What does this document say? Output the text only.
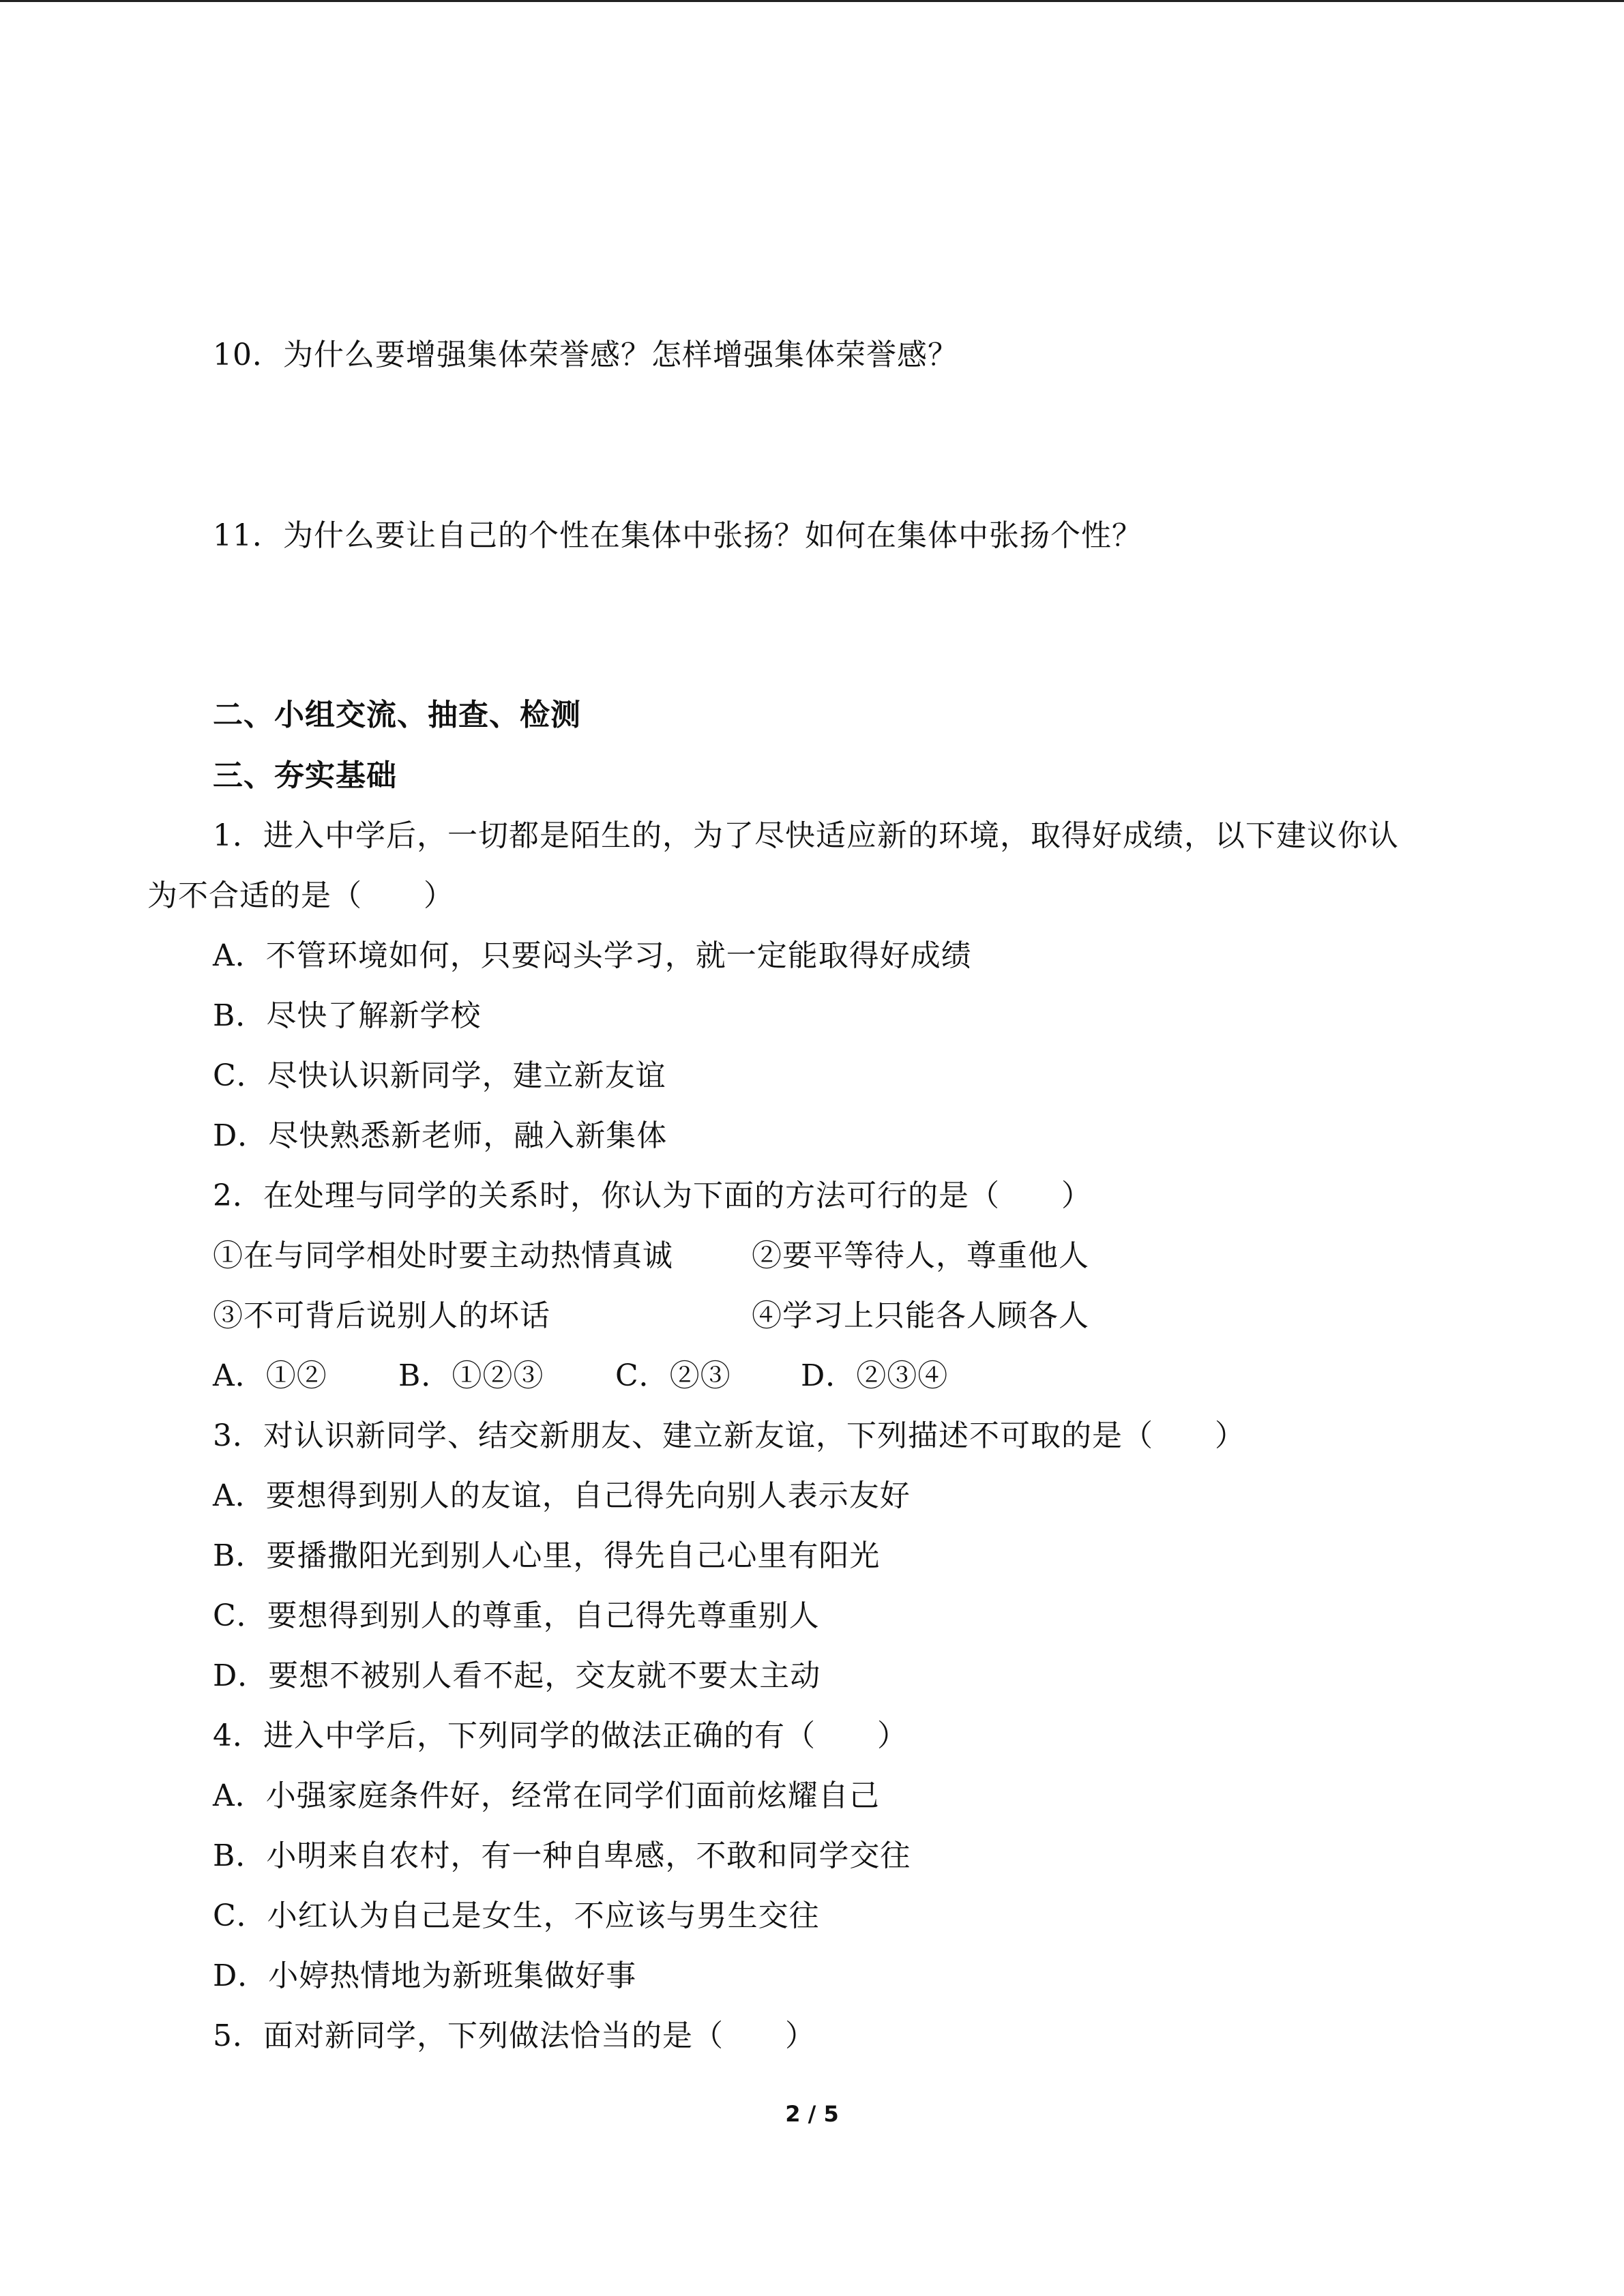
10．为什么要增强集体荣誉感？怎样增强集体荣誉感？
11．为什么要让自己的个性在集体中张扬？如何在集体中张扬个性？
二、小组交流、抽查、检测
三、夯实基础
1．进入中学后，一切都是陌生的，为了尽快适应新的环境，取得好成绩，以下建议你认
为不合适的是（　　）
A．不管环境如何，只要闷头学习，就一定能取得好成绩
B．尽快了解新学校
C．尽快认识新同学，建立新友谊
D．尽快熟悉新老师，融入新集体
2．在处理与同学的关系时，你认为下面的方法可行的是（　　）
①在与同学相处时要主动热情真诚	②要平等待人，尊重他人
③不可背后说别人的坏话	④学习上只能各人顾各人
A．①② B．①②③ C．②③ D．②③④
3．对认识新同学、结交新朋友、建立新友谊，下列描述不可取的是（　　）
A．要想得到别人的友谊，自己得先向别人表示友好
B．要播撒阳光到别人心里，得先自己心里有阳光
C．要想得到别人的尊重，自己得先尊重别人
D．要想不被别人看不起，交友就不要太主动
4．进入中学后，下列同学的做法正确的有（　　）
A．小强家庭条件好，经常在同学们面前炫耀自己
B．小明来自农村，有一种自卑感，不敢和同学交往
C．小红认为自己是女生，不应该与男生交往
D．小婷热情地为新班集做好事
5．面对新同学，下列做法恰当的是（　　）
2 / 5
